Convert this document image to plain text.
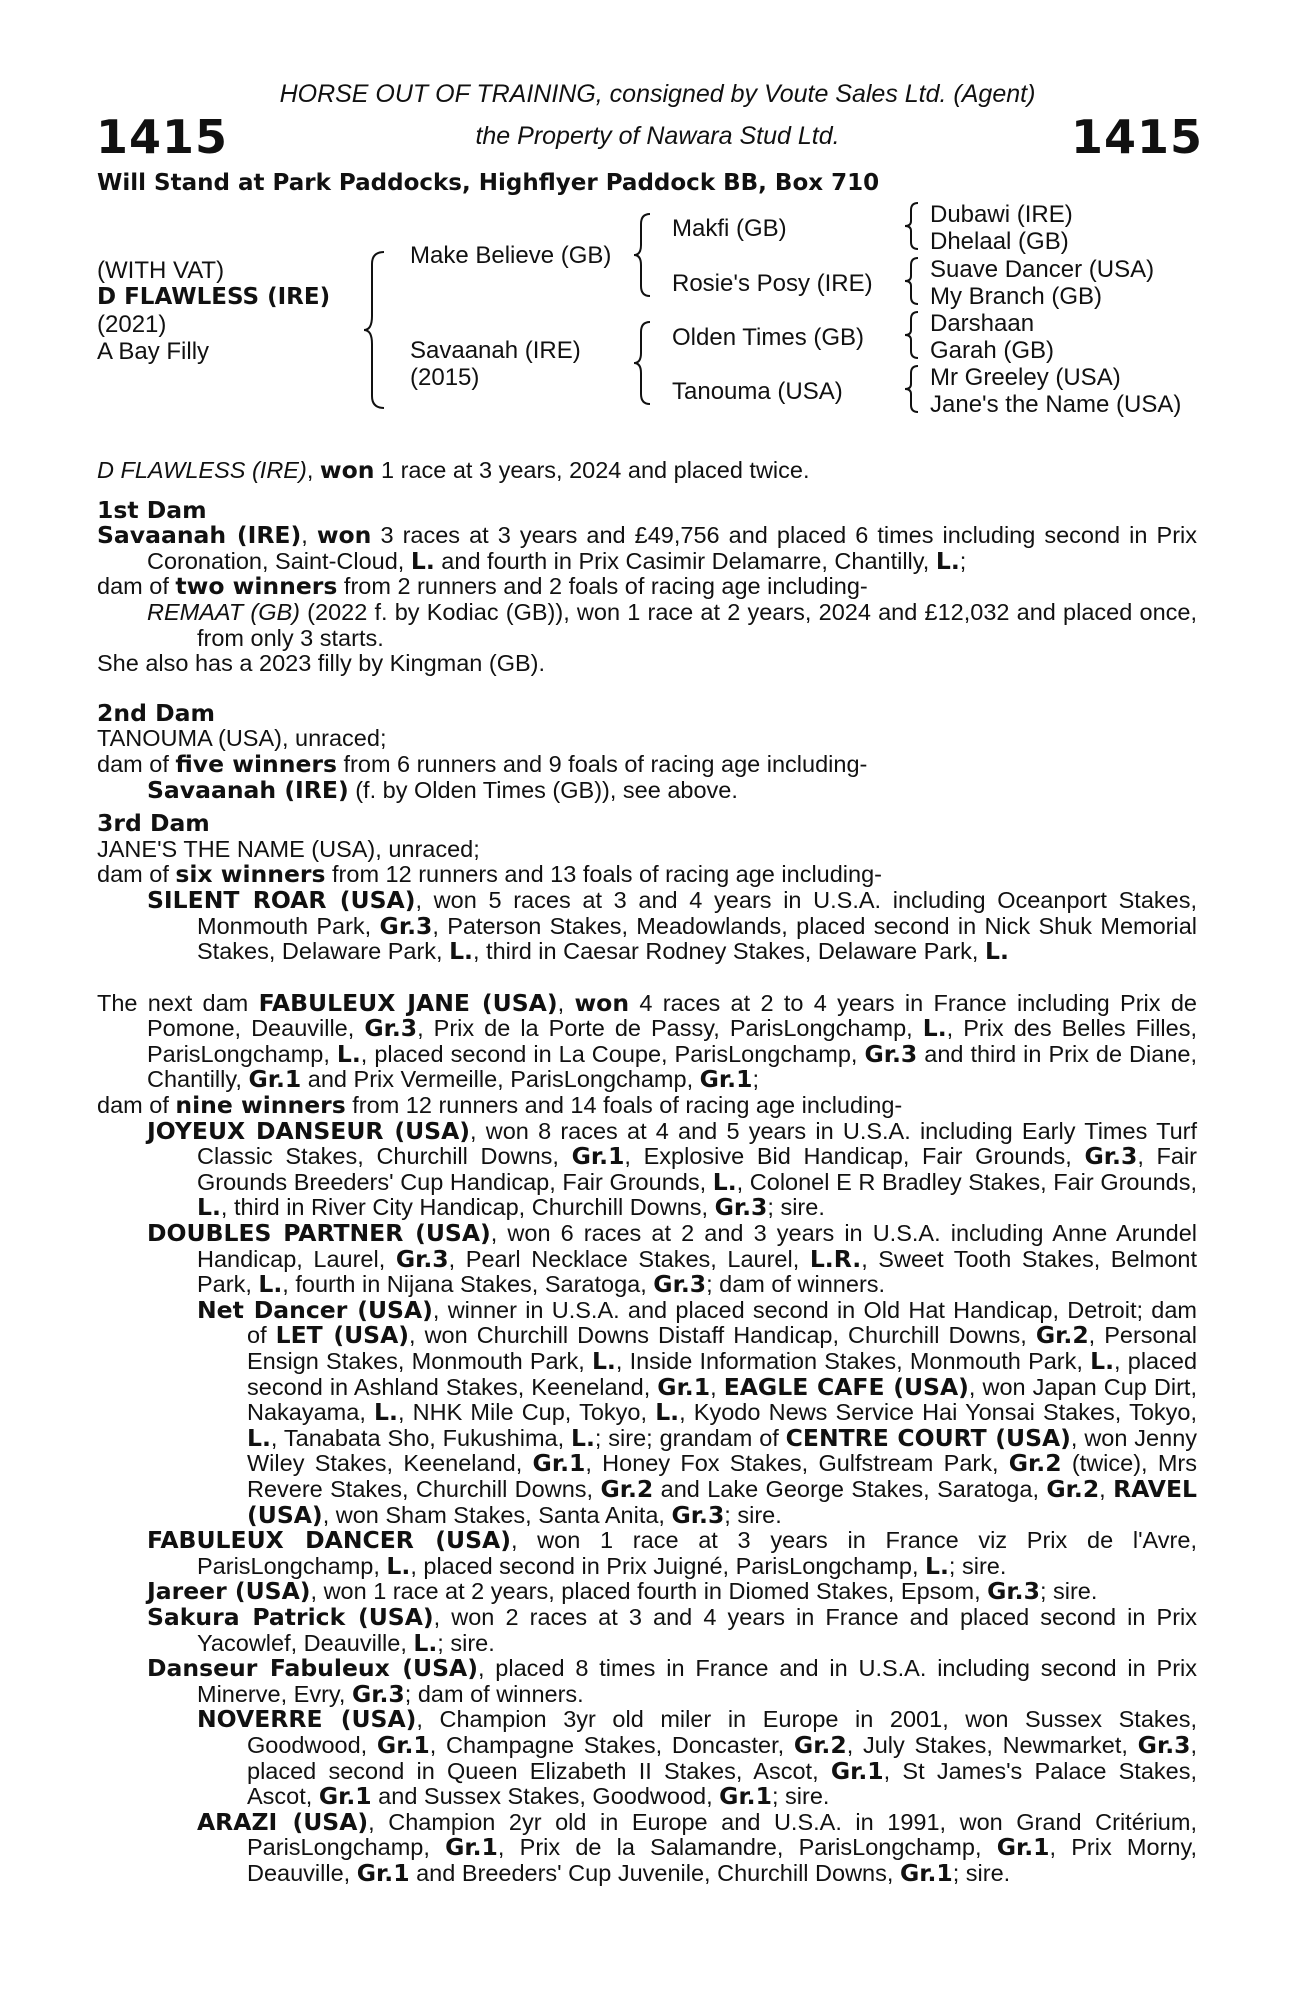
1415	1415
HORSE OUT OF TRAINING, consigned by Voute Sales Ltd. (Agent)
the Property of Nawara Stud Ltd.
Will Stand at Park Paddocks, Highflyer Paddock BB, Box 710
(WITH VAT)
D FLAWLESS (IRE)
(2021)
A Bay Filly
Make Believe (GB)
Savaanah (IRE)
(2015)
Makfi (GB)
Rosie's Posy (IRE)
Olden Times (GB)
Tanouma (USA)
Dubawi (IRE)
Dhelaal (GB)
Suave Dancer (USA)
My Branch (GB)
Darshaan
Garah (GB)
Mr Greeley (USA)
Jane's the Name (USA)

D FLAWLESS (IRE), won 1 race at 3 years, 2024 and placed twice.

1st Dam

Savaanah (IRE), won 3 races at 3 years and £49,756 and placed 6 times including second in Prix Coronation, Saint-Cloud, L. and fourth in Prix Casimir Delamarre, Chantilly, L.;

dam of two winners from 2 runners and 2 foals of racing age including-

REMAAT (GB) (2022 f. by Kodiac (GB)), won 1 race at 2 years, 2024 and £12,032 and placed once, from only 3 starts.

She also has a 2023 filly by Kingman (GB).

2nd Dam

TANOUMA (USA), unraced;

dam of five winners from 6 runners and 9 foals of racing age including-

Savaanah (IRE) (f. by Olden Times (GB)), see above.

3rd Dam

JANE'S THE NAME (USA), unraced;

dam of six winners from 12 runners and 13 foals of racing age including-

SILENT ROAR (USA), won 5 races at 3 and 4 years in U.S.A. including Oceanport Stakes, Monmouth Park, Gr.3, Paterson Stakes, Meadowlands, placed second in Nick Shuk Memorial Stakes, Delaware Park, L., third in Caesar Rodney Stakes, Delaware Park, L.

The next dam FABULEUX JANE (USA), won 4 races at 2 to 4 years in France including Prix de Pomone, Deauville, Gr.3, Prix de la Porte de Passy, ParisLongchamp, L., Prix des Belles Filles, ParisLongchamp, L., placed second in La Coupe, ParisLongchamp, Gr.3 and third in Prix de Diane, Chantilly, Gr.1 and Prix Vermeille, ParisLongchamp, Gr.1;

dam of nine winners from 12 runners and 14 foals of racing age including-

JOYEUX DANSEUR (USA), won 8 races at 4 and 5 years in U.S.A. including Early Times Turf Classic Stakes, Churchill Downs, Gr.1, Explosive Bid Handicap, Fair Grounds, Gr.3, Fair Grounds Breeders' Cup Handicap, Fair Grounds, L., Colonel E R Bradley Stakes, Fair Grounds, L., third in River City Handicap, Churchill Downs, Gr.3; sire.

DOUBLES PARTNER (USA), won 6 races at 2 and 3 years in U.S.A. including Anne Arundel Handicap, Laurel, Gr.3, Pearl Necklace Stakes, Laurel, L.R., Sweet Tooth Stakes, Belmont Park, L., fourth in Nijana Stakes, Saratoga, Gr.3; dam of winners.

Net Dancer (USA), winner in U.S.A. and placed second in Old Hat Handicap, Detroit; dam of LET (USA), won Churchill Downs Distaff Handicap, Churchill Downs, Gr.2, Personal Ensign Stakes, Monmouth Park, L., Inside Information Stakes, Monmouth Park, L., placed second in Ashland Stakes, Keeneland, Gr.1, EAGLE CAFE (USA), won Japan Cup Dirt, Nakayama, L., NHK Mile Cup, Tokyo, L., Kyodo News Service Hai Yonsai Stakes, Tokyo, L., Tanabata Sho, Fukushima, L.; sire; grandam of CENTRE COURT (USA), won Jenny Wiley Stakes, Keeneland, Gr.1, Honey Fox Stakes, Gulfstream Park, Gr.2 (twice), Mrs Revere Stakes, Churchill Downs, Gr.2 and Lake George Stakes, Saratoga, Gr.2, RAVEL (USA), won Sham Stakes, Santa Anita, Gr.3; sire.

FABULEUX DANCER (USA), won 1 race at 3 years in France viz Prix de l'Avre, ParisLongchamp, L., placed second in Prix Juigné, ParisLongchamp, L.; sire.

Jareer (USA), won 1 race at 2 years, placed fourth in Diomed Stakes, Epsom, Gr.3; sire.

Sakura Patrick (USA), won 2 races at 3 and 4 years in France and placed second in Prix Yacowlef, Deauville, L.; sire.

Danseur Fabuleux (USA), placed 8 times in France and in U.S.A. including second in Prix Minerve, Evry, Gr.3; dam of winners.

NOVERRE (USA), Champion 3yr old miler in Europe in 2001, won Sussex Stakes, Goodwood, Gr.1, Champagne Stakes, Doncaster, Gr.2, July Stakes, Newmarket, Gr.3, placed second in Queen Elizabeth II Stakes, Ascot, Gr.1, St James's Palace Stakes, Ascot, Gr.1 and Sussex Stakes, Goodwood, Gr.1; sire.

ARAZI (USA), Champion 2yr old in Europe and U.S.A. in 1991, won Grand Critérium, ParisLongchamp, Gr.1, Prix de la Salamandre, ParisLongchamp, Gr.1, Prix Morny, Deauville, Gr.1 and Breeders' Cup Juvenile, Churchill Downs, Gr.1; sire.
